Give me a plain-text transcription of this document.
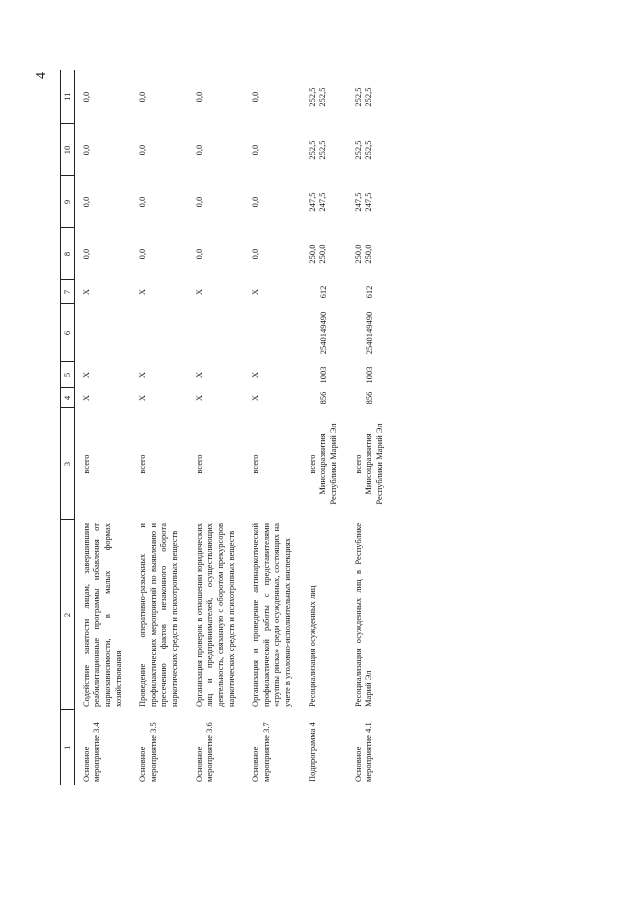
4
1	2	3	4	5	6	7	8	9	10	11
Основное мероприятие 3.4	Содействие занятости лицам, завершившим реабилитационные программы избавления от наркозависимости, в малых формах хозяйствования	всего	X	X		X	0,0	0,0	0,0	0,0

Основное мероприятие 3.5	Проведение оперативно-разыскных и профилактических мероприятий по выявлению и пресечению фактов незаконного оборота наркотических средств и психотропных веществ	всего	X	X		X	0,0	0,0	0,0	0,0

Основное мероприятие 3.6	Организация проверок в отношении юридических лиц и предпринимателей, осуществляющих деятельность, связанную с оборотом прекурсоров наркотических средств и психотропных веществ	всего	X	X		X	0,0	0,0	0,0	0,0

Основное мероприятие 3.7	Организация и проведение антинаркотической профилактической работы с представителями «группы риска» среди осужденных, состоящих на учете в уголовно-исполнительных инспекциях	всего	X	X		X	0,0	0,0	0,0	0,0

Подпрограмма 4	Ресоциализация осужденных лиц	всего Минсоцразвития Республики Марий Эл	856	1003	2540149490	612	250,0 250,0	247,5 247,5	252,5 252,5	252,5 252,5

Основное мероприятие 4.1	Ресоциализация осужденных лиц в Республике Марий Эл	всего Минсоцразвития Республики Марий Эл	856	1003	2540149490	612	250,0 250,0	247,5 247,5	252,5 252,5	252,5 252,5
